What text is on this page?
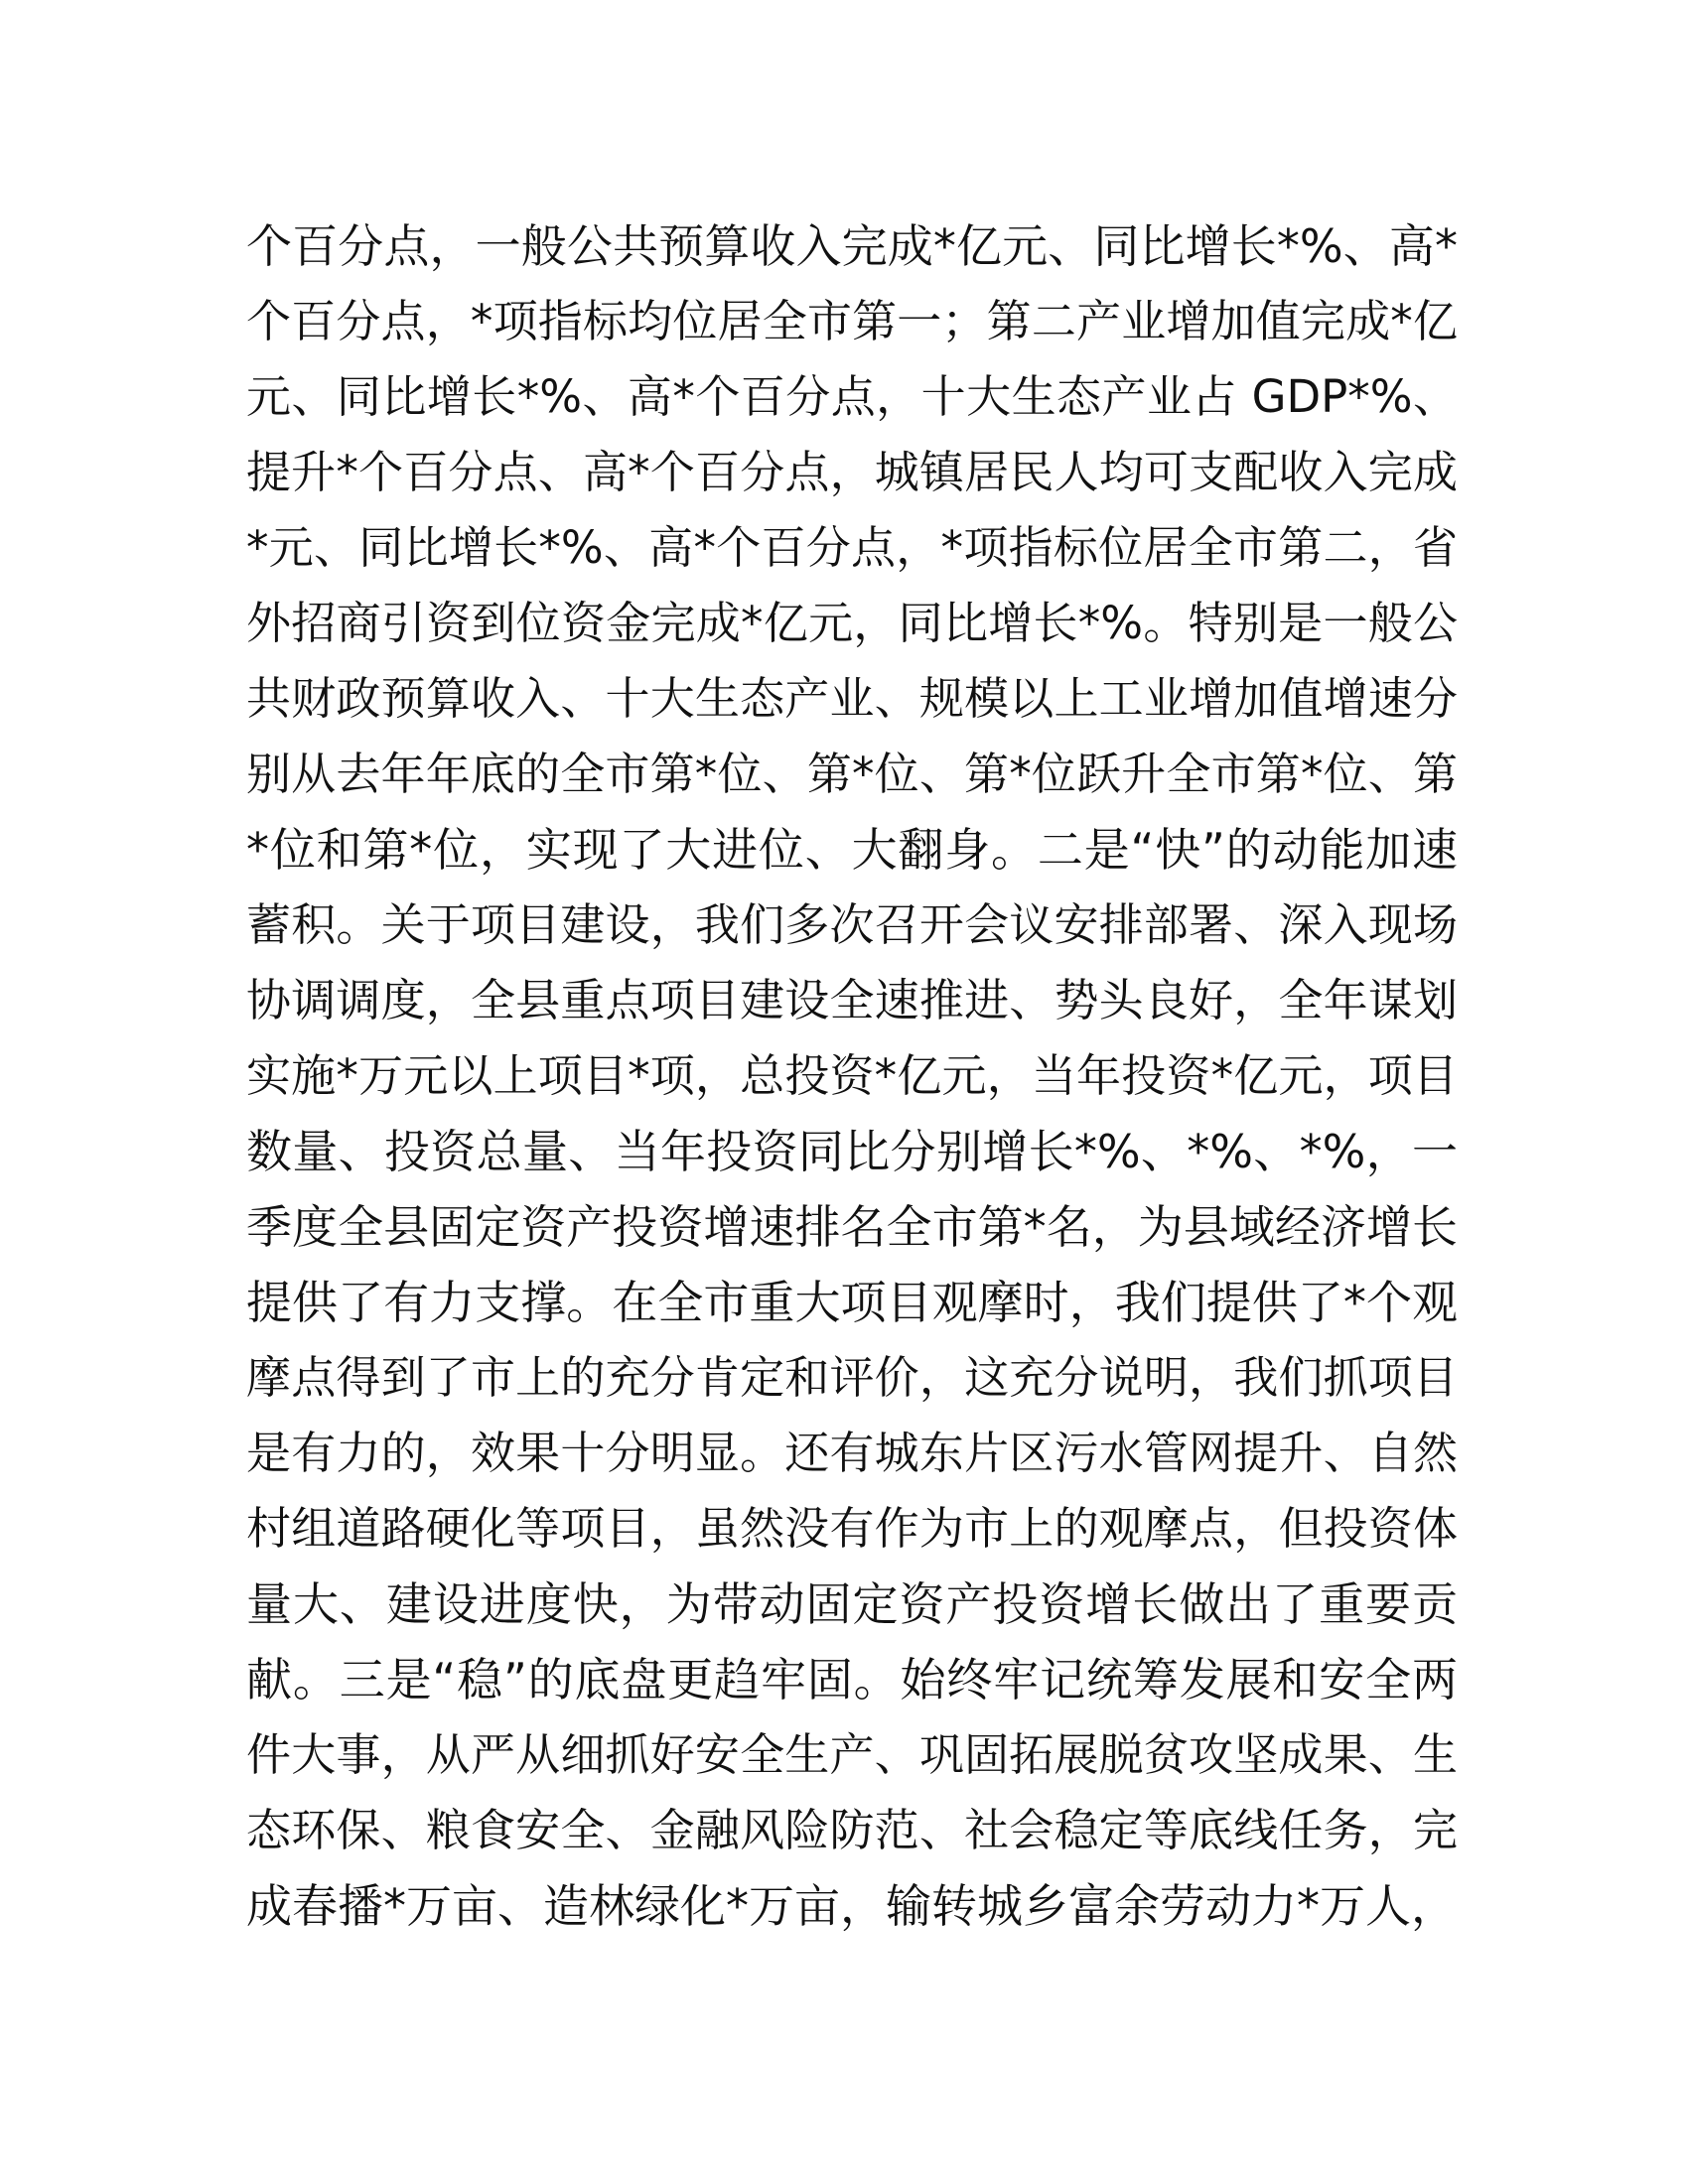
个百分点，一般公共预算收入完成*亿元、同比增长*%、高*
个百分点，*项指标均位居全市第一；第二产业增加值完成*亿
元、同比增长*%、高*个百分点，十大生态产业占 GDP*%、
提升*个百分点、高*个百分点，城镇居民人均可支配收入完成
*元、同比增长*%、高*个百分点，*项指标位居全市第二，省
外招商引资到位资金完成*亿元，同比增长*%。特别是一般公
共财政预算收入、十大生态产业、规模以上工业增加值增速分
别从去年年底的全市第*位、第*位、第*位跃升全市第*位、第
*位和第*位，实现了大进位、大翻身。二是“快”的动能加速
蓄积。关于项目建设，我们多次召开会议安排部署、深入现场
协调调度，全县重点项目建设全速推进、势头良好，全年谋划
实施*万元以上项目*项，总投资*亿元，当年投资*亿元，项目
数量、投资总量、当年投资同比分别增长*%、*%、*%，一
季度全县固定资产投资增速排名全市第*名，为县域经济增长
提供了有力支撑。在全市重大项目观摩时，我们提供了*个观
摩点得到了市上的充分肯定和评价，这充分说明，我们抓项目
是有力的，效果十分明显。还有城东片区污水管网提升、自然
村组道路硬化等项目，虽然没有作为市上的观摩点，但投资体
量大、建设进度快，为带动固定资产投资增长做出了重要贡
献。三是“稳”的底盘更趋牢固。始终牢记统筹发展和安全两
件大事，从严从细抓好安全生产、巩固拓展脱贫攻坚成果、生
态环保、粮食安全、金融风险防范、社会稳定等底线任务，完
成春播*万亩、造林绿化*万亩，输转城乡富余劳动力*万人，
